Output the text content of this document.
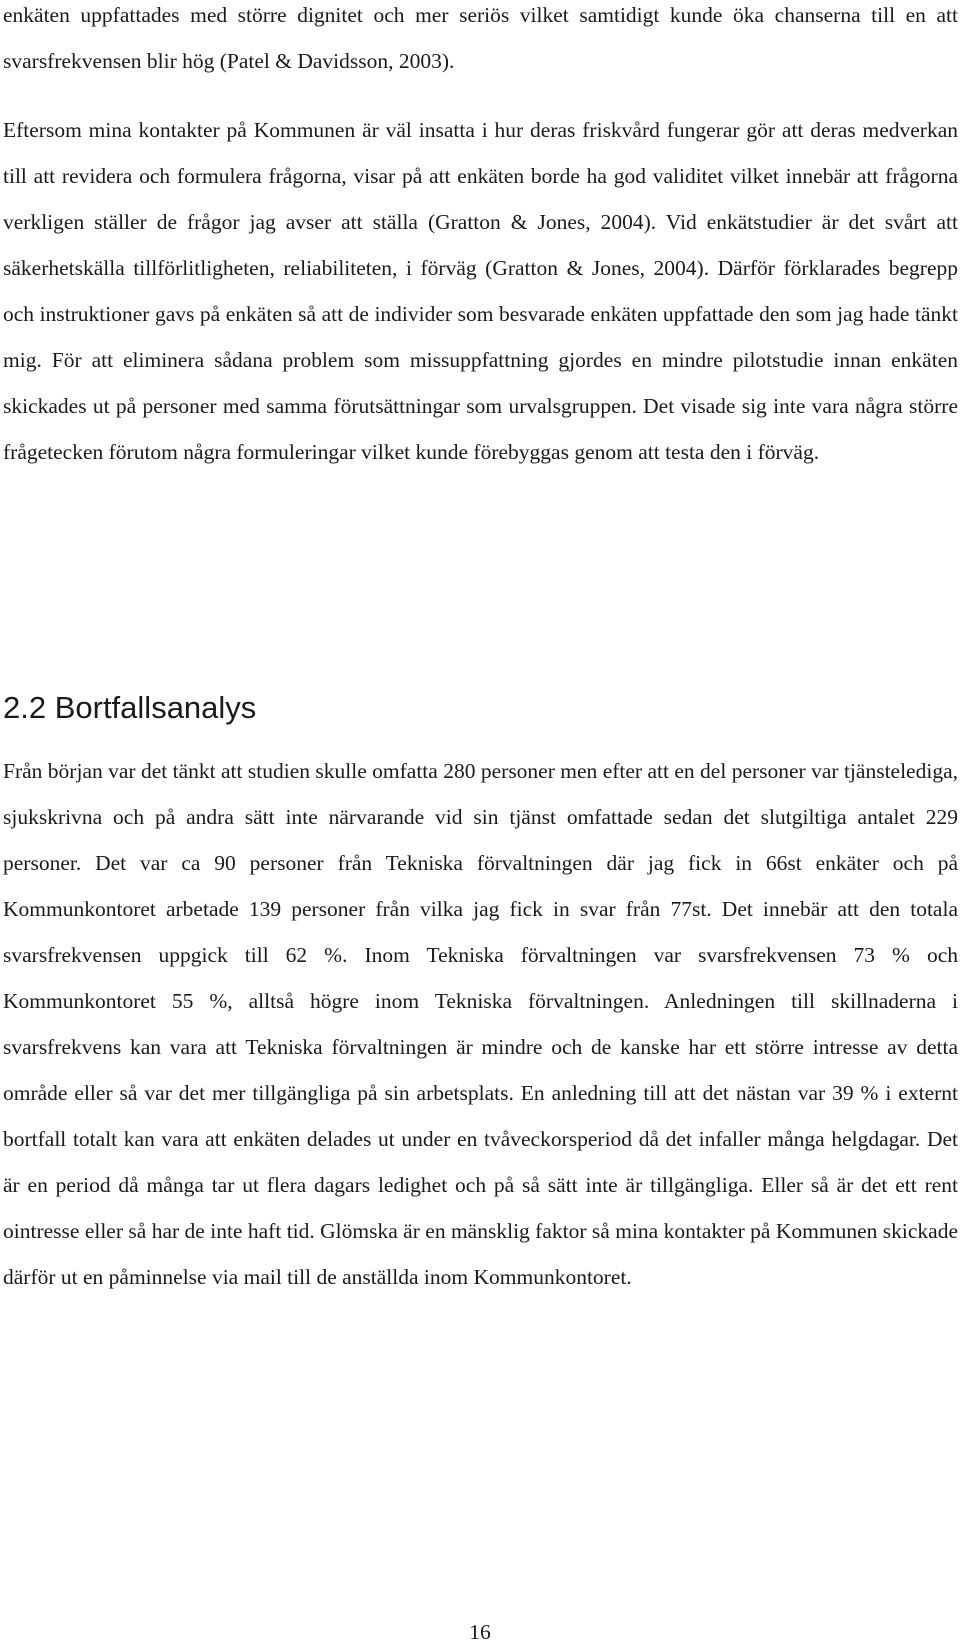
enkäten uppfattades med större dignitet och mer seriös vilket samtidigt kunde öka chanserna till en att svarsfrekvensen blir hög (Patel & Davidsson, 2003).

Eftersom mina kontakter på Kommunen är väl insatta i hur deras friskvård fungerar gör att deras medverkan till att revidera och formulera frågorna, visar på att enkäten borde ha god validitet vilket innebär att frågorna verkligen ställer de frågor jag avser att ställa (Gratton & Jones, 2004). Vid enkätstudier är det svårt att säkerhetskälla tillförlitligheten, reliabiliteten, i förväg (Gratton & Jones, 2004). Därför förklarades begrepp och instruktioner gavs på enkäten så att de individer som besvarade enkäten uppfattade den som jag hade tänkt mig. För att eliminera sådana problem som missuppfattning gjordes en mindre pilotstudie innan enkäten skickades ut på personer med samma förutsättningar som urvalsgruppen. Det visade sig inte vara några större frågetecken förutom några formuleringar vilket kunde förebyggas genom att testa den i förväg.

2.2 Bortfallsanalys

Från början var det tänkt att studien skulle omfatta 280 personer men efter att en del personer var tjänstelediga, sjukskrivna och på andra sätt inte närvarande vid sin tjänst omfattade sedan det slutgiltiga antalet 229 personer. Det var ca 90 personer från Tekniska förvaltningen där jag fick in 66st enkäter och på Kommunkontoret arbetade 139 personer från vilka jag fick in svar från 77st. Det innebär att den totala svarsfrekvensen uppgick till 62 %. Inom Tekniska förvaltningen var svarsfrekvensen 73 % och Kommunkontoret 55 %, alltså högre inom Tekniska förvaltningen. Anledningen till skillnaderna i svarsfrekvens kan vara att Tekniska förvaltningen är mindre och de kanske har ett större intresse av detta område eller så var det mer tillgängliga på sin arbetsplats. En anledning till att det nästan var 39 % i externt bortfall totalt kan vara att enkäten delades ut under en tvåveckorsperiod då det infaller många helgdagar. Det är en period då många tar ut flera dagars ledighet och på så sätt inte är tillgängliga. Eller så är det ett rent ointresse eller så har de inte haft tid. Glömska är en mänsklig faktor så mina kontakter på Kommunen skickade därför ut en påminnelse via mail till de anställda inom Kommunkontoret.

16
